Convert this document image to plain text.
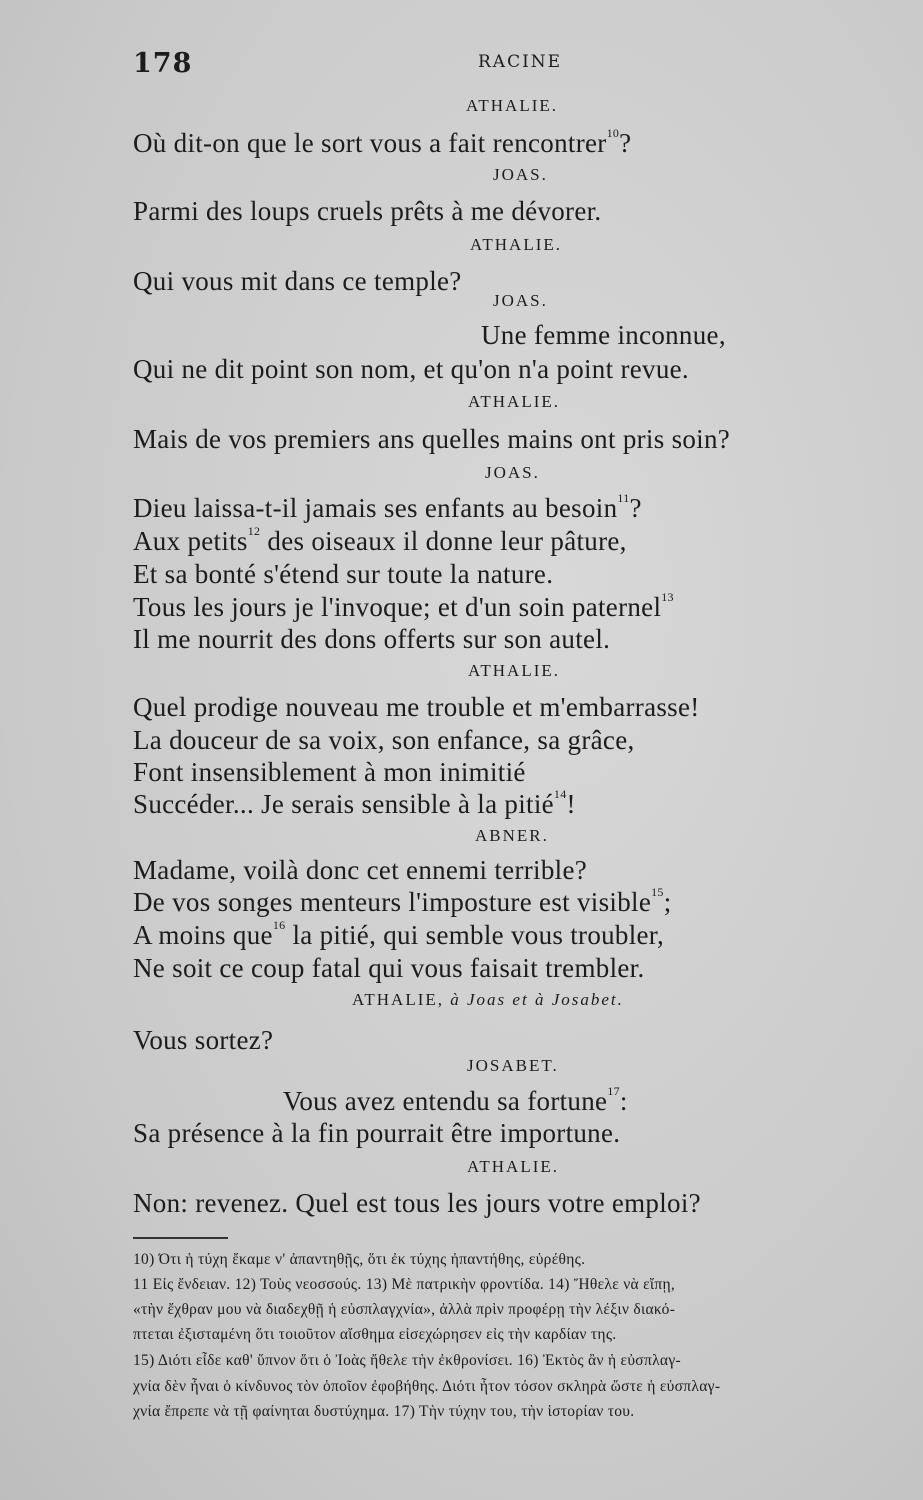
178	RACINE
ATHALIE.
Où dit-on que le sort vous a fait rencontrer$^{10}$?
JOAS.
Parmi des loups cruels prêts à me dévorer.
ATHALIE.
Qui vous mit dans ce temple?
JOAS.
Une femme inconnue,
Qui ne dit point son nom, et qu'on n'a point revue.
ATHALIE.
Mais de vos premiers ans quelles mains ont pris soin?
JOAS.
Dieu laissa-t-il jamais ses enfants au besoin$^{11}$?
Aux petits$^{12}$ des oiseaux il donne leur pâture,
Et sa bonté s'étend sur toute la nature.
Tous les jours je l'invoque; et d'un soin paternel$^{13}$
Il me nourrit des dons offerts sur son autel.
ATHALIE.
Quel prodige nouveau me trouble et m'embarrasse!
La douceur de sa voix, son enfance, sa grâce,
Font insensiblement à mon inimitié
Succéder... Je serais sensible à la pitié$^{14}$!
ABNER.
Madame, voilà donc cet ennemi terrible?
De vos songes menteurs l'imposture est visible$^{15}$;
A moins que$^{16}$ la pitié, qui semble vous troubler,
Ne soit ce coup fatal qui vous faisait trembler.
ATHALIE, à Joas et à Josabet.
Vous sortez?
JOSABET.
Vous avez entendu sa fortune$^{17}$:
Sa présence à la fin pourrait être importune.
ATHALIE.
Non: revenez. Quel est tous les jours votre emploi?
10) Ότι ἡ τύχη ἔκαμε ν' ἀπαντηθῇς, ὅτι ἐκ τύχης ἠπαντήθης, εὑρέθης.
11 Εἰς ἔνδειαν. 12) Τοὺς νεοσσούς. 13) Μὲ πατρικὴν φροντίδα. 14) Ἤθελε νὰ εἴπῃ,
«τὴν ἔχθραν μου νὰ διαδεχθῇ ἡ εὐσπλαγχνία», ἀλλὰ πρὶν προφέρῃ τὴν λέξιν διακό-
πτεται ἐξισταμένη ὅτι τοιοῦτον αἴσθημα εἰσεχώρησεν εἰς τὴν καρδίαν της.
15) Διότι εἶδε καθ' ὕπνον ὅτι ὁ Ἰοὰς ἤθελε τὴν ἐκθρονίσει. 16) Ἐκτὸς ἂν ἡ εὐσπλαγ-
χνία δὲν ἦναι ὁ κίνδυνος τὸν ὁποῖον ἐφοβήθης. Διότι ἦτον τόσον σκληρὰ ὥστε ἡ εὐσπλαγ-
χνία ἔπρεπε νὰ τῇ φαίνηται δυστύχημα. 17) Τὴν τύχην του, τὴν ἱστορίαν του.
